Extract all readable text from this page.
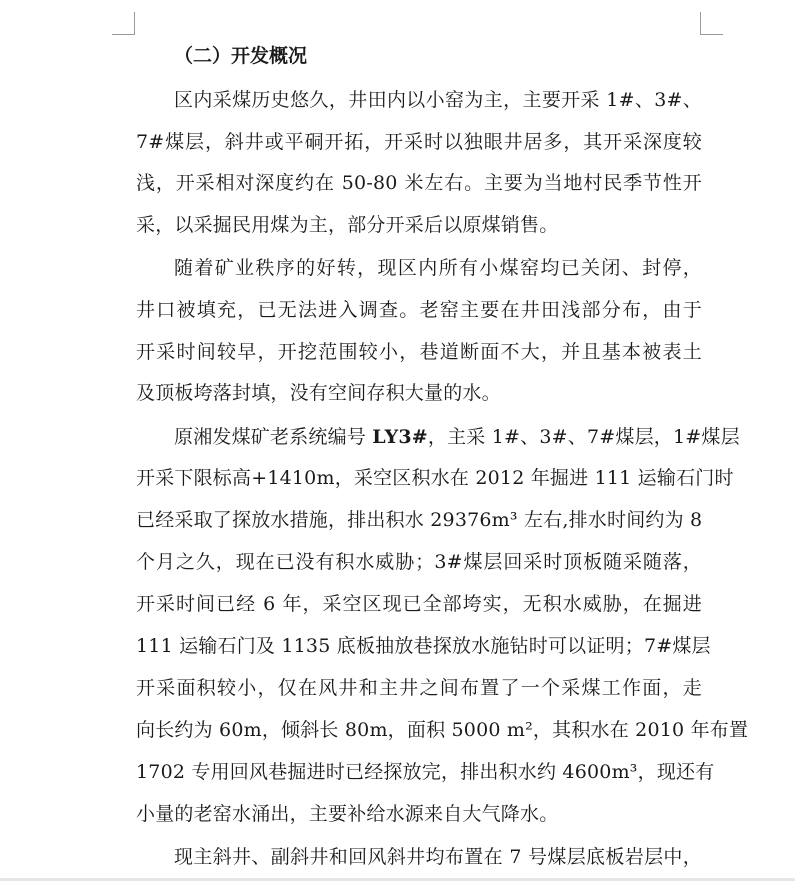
（二）开发概况
区内采煤历史悠久，井田内以小窑为主，主要开采 1#、3#、
7#煤层，斜井或平硐开拓，开采时以独眼井居多，其开采深度较
浅，开采相对深度约在 50-80 米左右。主要为当地村民季节性开
采，以采掘民用煤为主，部分开采后以原煤销售。
随着矿业秩序的好转，现区内所有小煤窑均已关闭、封停，
井口被填充，已无法进入调查。老窑主要在井田浅部分布，由于
开采时间较早，开挖范围较小，巷道断面不大，并且基本被表土
及顶板垮落封填，没有空间存积大量的水。
原湘发煤矿老系统编号 LY3#，主采 1#、3#、7#煤层，1#煤层
开采下限标高+1410m，采空区积水在 2012 年掘进 111 运输石门时
已经采取了探放水措施，排出积水 29376m³ 左右,排水时间约为 8
个月之久，现在已没有积水威胁；3#煤层回采时顶板随采随落，
开采时间已经 6 年，采空区现已全部垮实，无积水威胁，在掘进
111 运输石门及 1135 底板抽放巷探放水施钻时可以证明；7#煤层
开采面积较小，仅在风井和主井之间布置了一个采煤工作面，走
向长约为 60m，倾斜长 80m，面积 5000 m²，其积水在 2010 年布置
1702 专用回风巷掘进时已经探放完，排出积水约 4600m³，现还有
小量的老窑水涌出，主要补给水源来自大气降水。
现主斜井、副斜井和回风斜井均布置在 7 号煤层底板岩层中，
